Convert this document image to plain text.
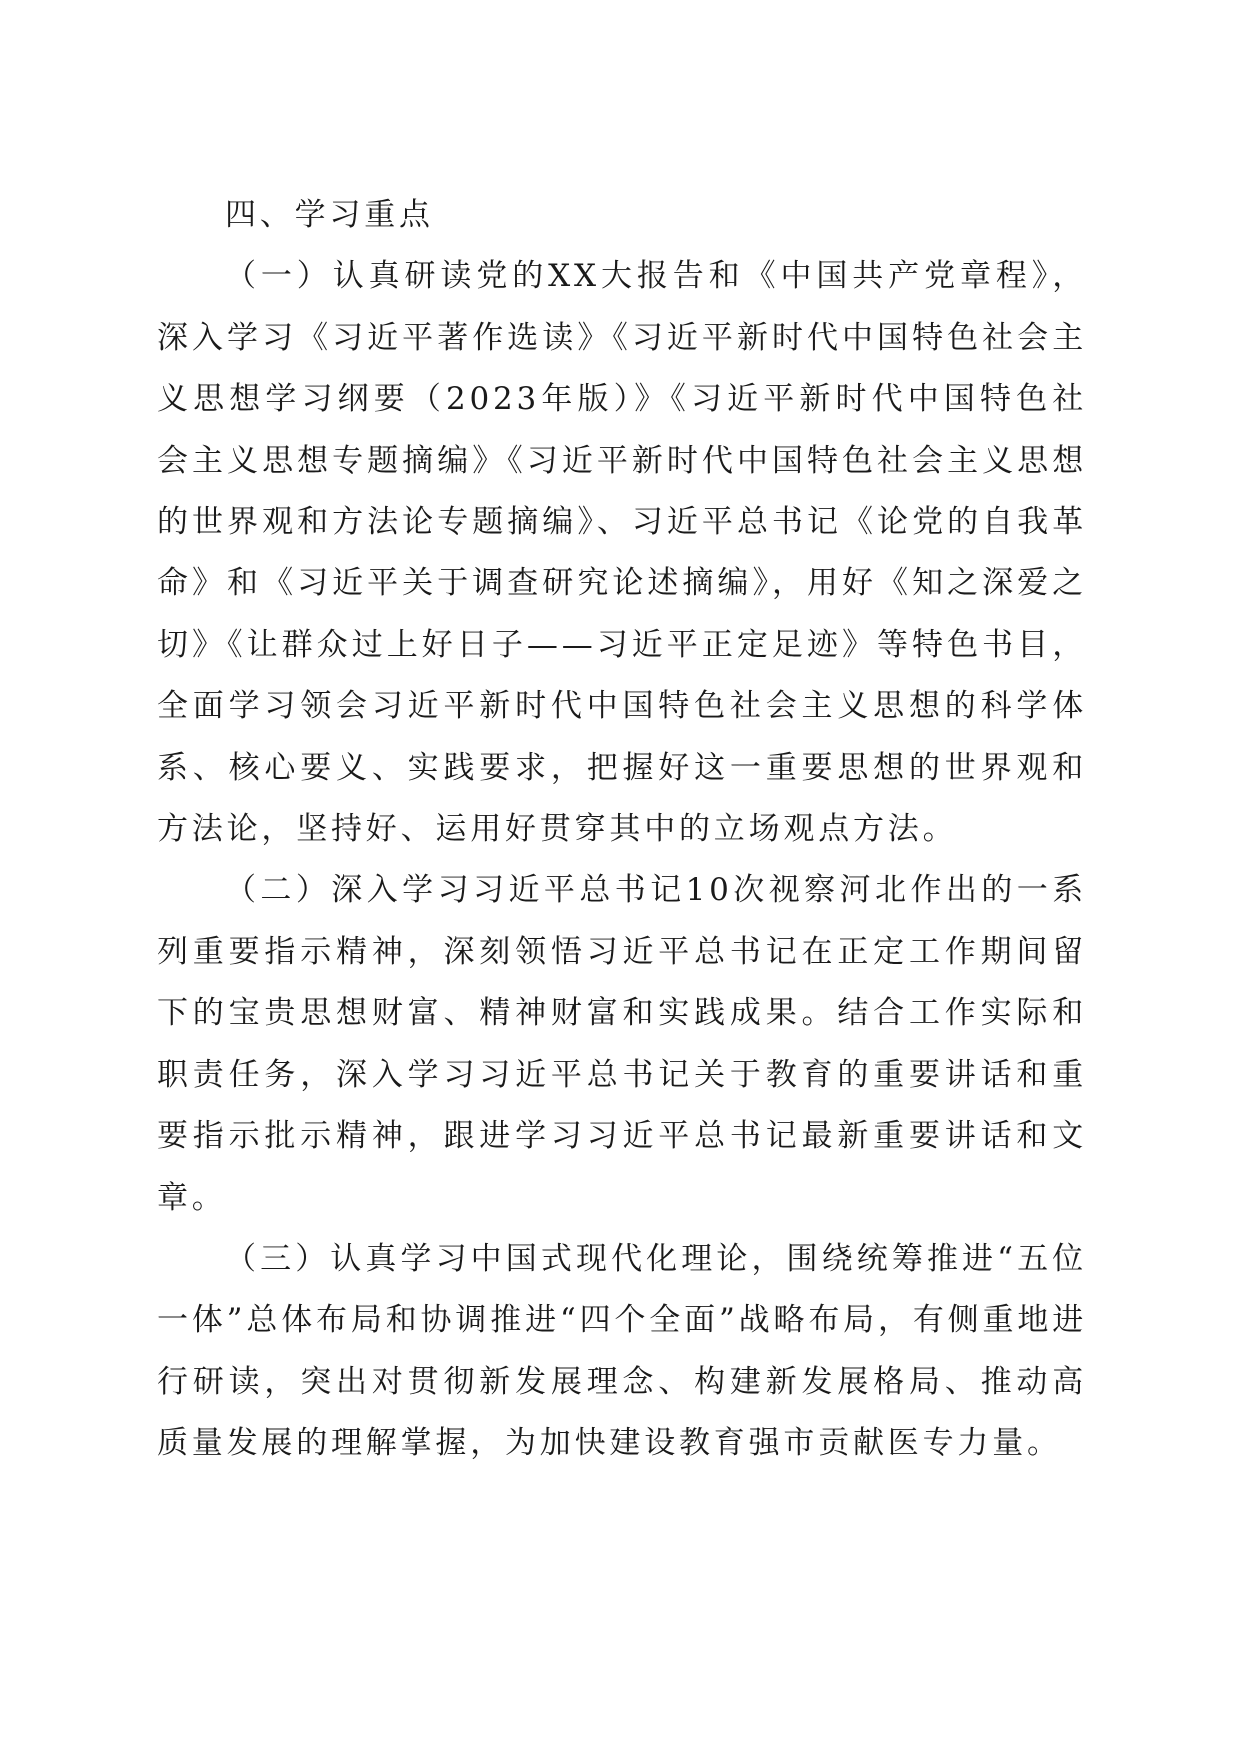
四、学习重点

（一）认真研读党的XX大报告和《中国共产党章程》，深入学习《习近平著作选读》《习近平新时代中国特色社会主义思想学习纲要（2023年版）》《习近平新时代中国特色社会主义思想专题摘编》《习近平新时代中国特色社会主义思想的世界观和方法论专题摘编》、习近平总书记《论党的自我革命》和《习近平关于调查研究论述摘编》，用好《知之深爱之切》《让群众过上好日子——习近平正定足迹》等特色书目，全面学习领会习近平新时代中国特色社会主义思想的科学体系、核心要义、实践要求，把握好这一重要思想的世界观和方法论，坚持好、运用好贯穿其中的立场观点方法。

（二）深入学习习近平总书记10次视察河北作出的一系列重要指示精神，深刻领悟习近平总书记在正定工作期间留下的宝贵思想财富、精神财富和实践成果。结合工作实际和职责任务，深入学习习近平总书记关于教育的重要讲话和重要指示批示精神，跟进学习习近平总书记最新重要讲话和文章。

（三）认真学习中国式现代化理论，围绕统筹推进“五位一体”总体布局和协调推进“四个全面”战略布局，有侧重地进行研读，突出对贯彻新发展理念、构建新发展格局、推动高质量发展的理解掌握，为加快建设教育强市贡献医专力量。
